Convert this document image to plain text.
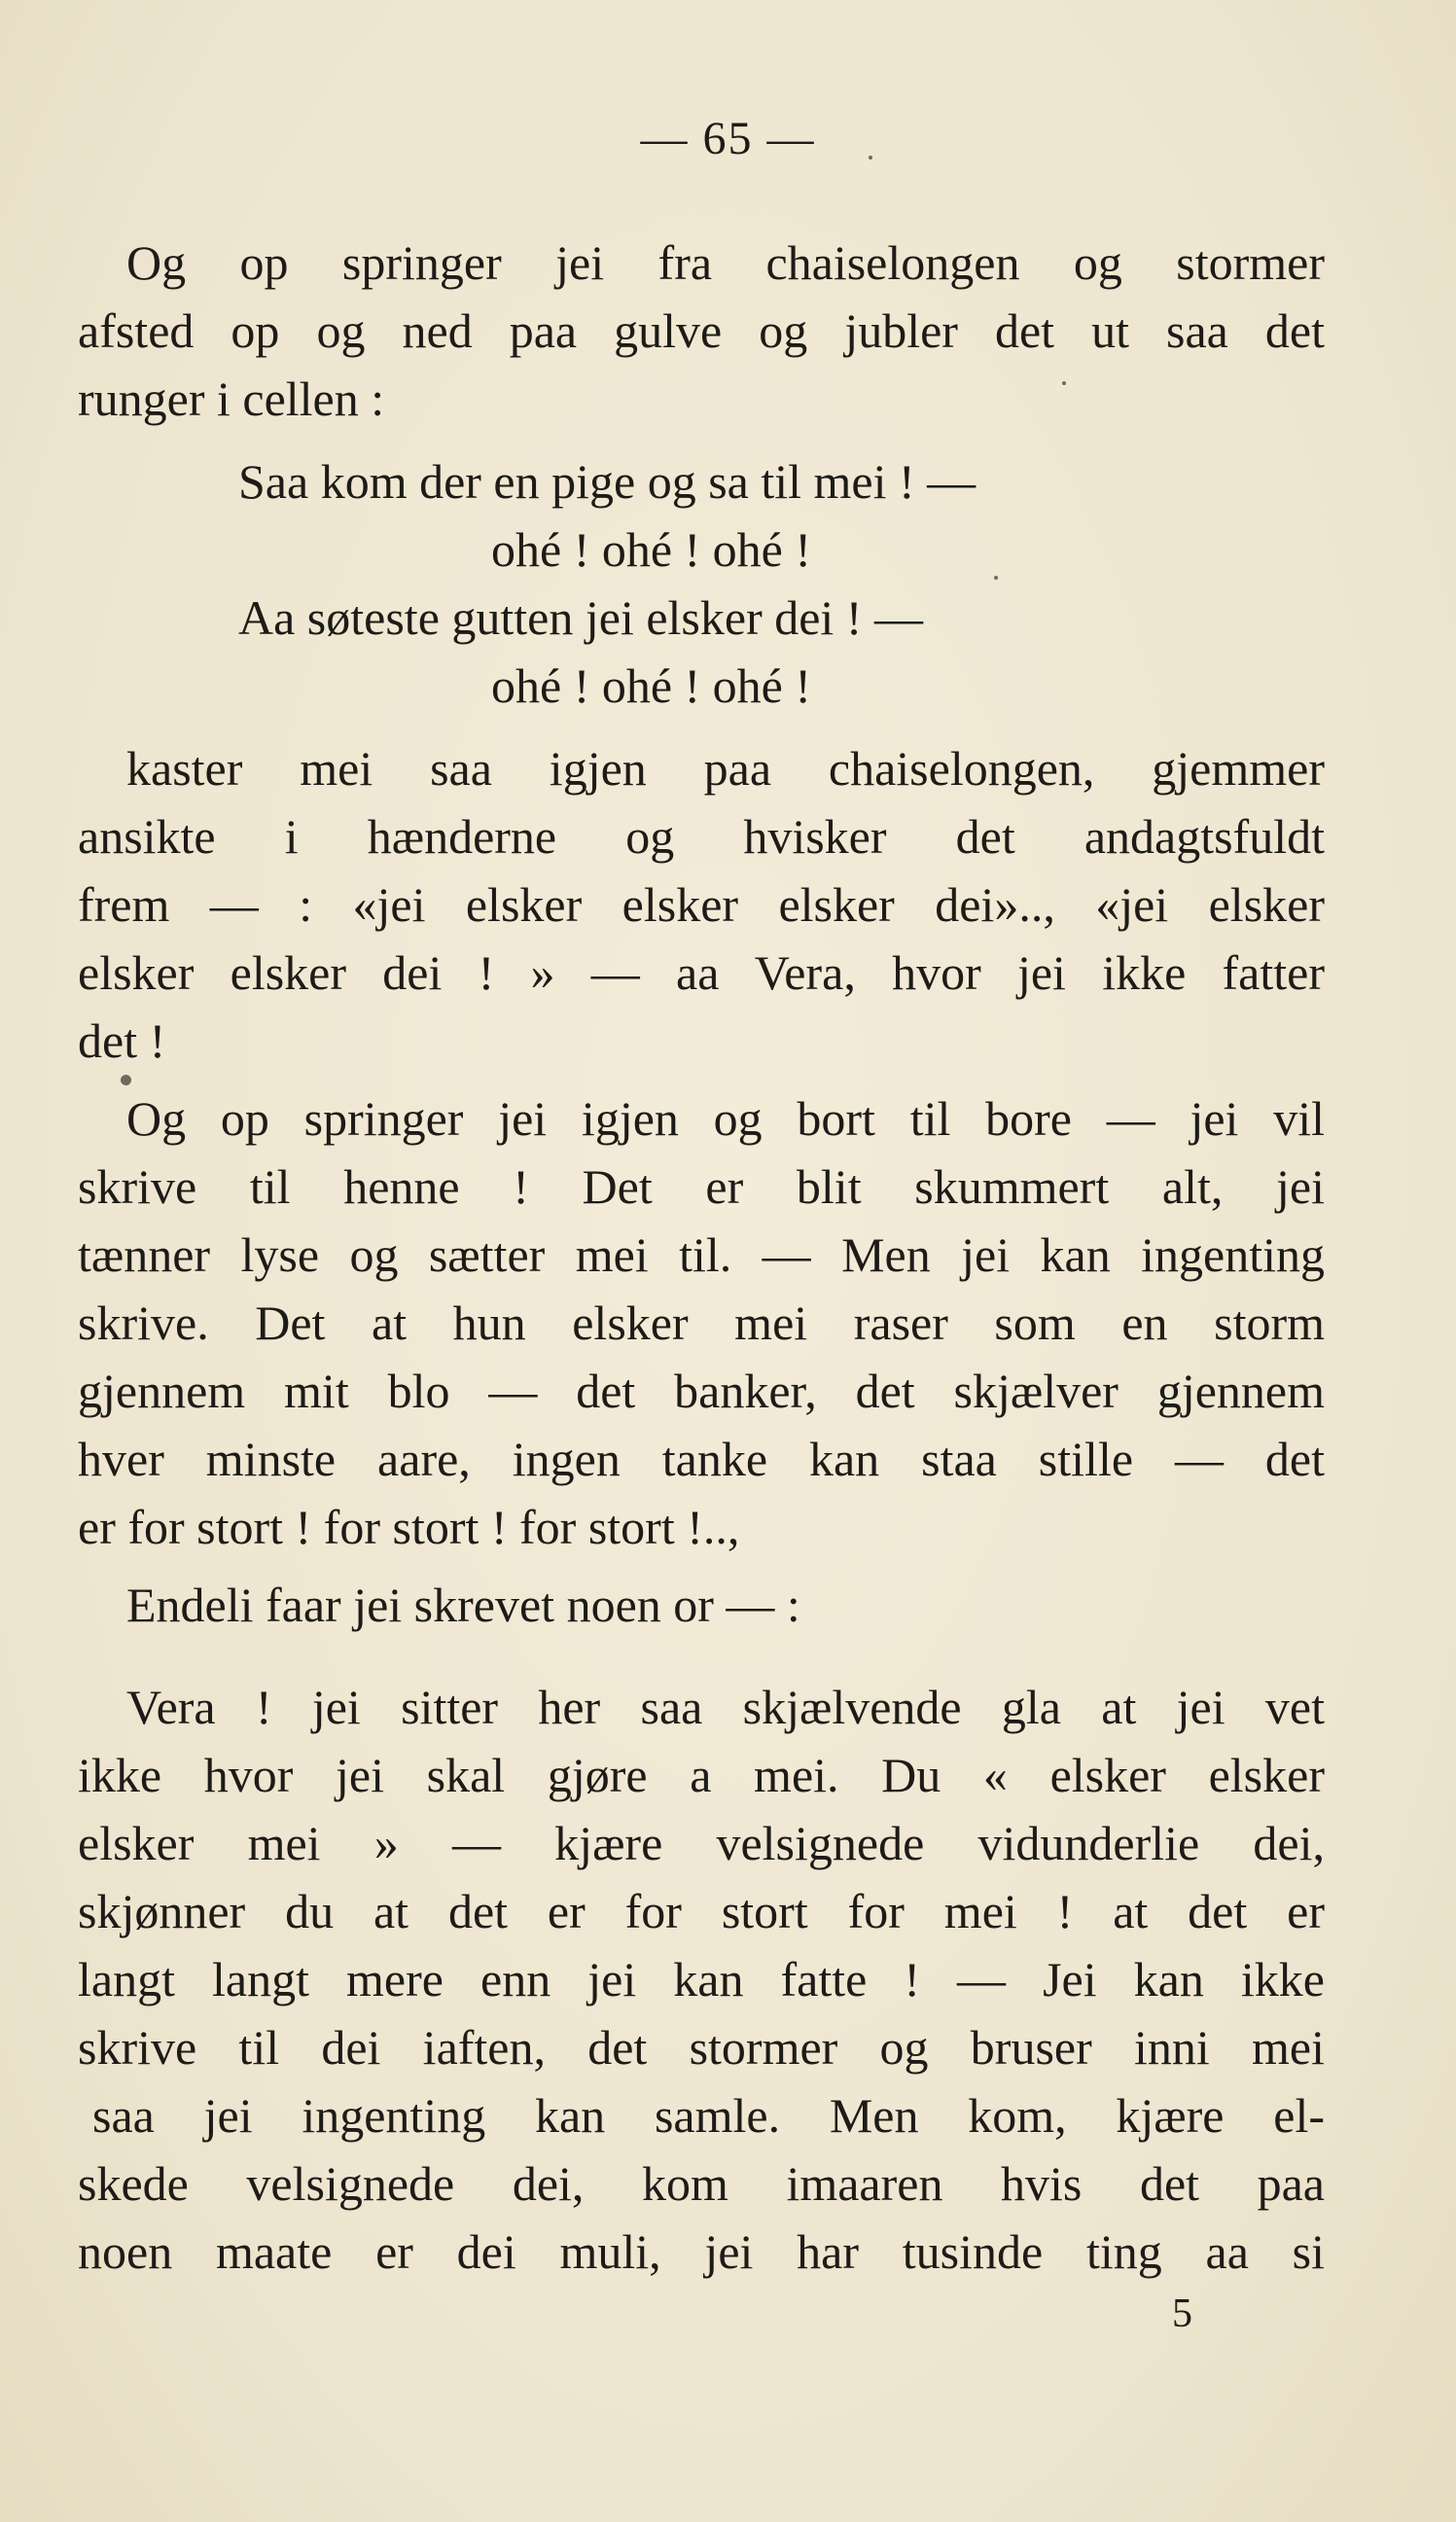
— 65 —
Og op springer jei fra chaiselongen og stormer
afsted op og ned paa gulve og jubler det ut saa det
runger i cellen :
Saa kom der en pige og sa til mei ! —
ohé ! ohé ! ohé !
Aa søteste gutten jei elsker dei ! —
ohé ! ohé ! ohé !
kaster mei saa igjen paa chaiselongen, gjemmer
ansikte i hænderne og hvisker det andagtsfuldt
frem — : «jei elsker elsker elsker dei».., «jei elsker
elsker elsker dei ! » — aa Vera, hvor jei ikke fatter
det !
Og op springer jei igjen og bort til bore — jei vil
skrive til henne ! Det er blit skummert alt, jei
tænner lyse og sætter mei til. — Men jei kan ingenting
skrive. Det at hun elsker mei raser som en storm
gjennem mit blo — det banker, det skjælver gjennem
hver minste aare, ingen tanke kan staa stille — det
er for stort ! for stort ! for stort !..,
Endeli faar jei skrevet noen or — :
Vera ! jei sitter her saa skjælvende gla at jei vet
ikke hvor jei skal gjøre a mei. Du « elsker elsker
elsker mei » — kjære velsignede vidunderlie dei,
skjønner du at det er for stort for mei ! at det er
langt langt mere enn jei kan fatte ! — Jei kan ikke
skrive til dei iaften, det stormer og bruser inni mei
saa jei ingenting kan samle. Men kom, kjære el-
skede velsignede dei, kom imaaren hvis det paa
noen maate er dei muli, jei har tusinde ting aa si
5
